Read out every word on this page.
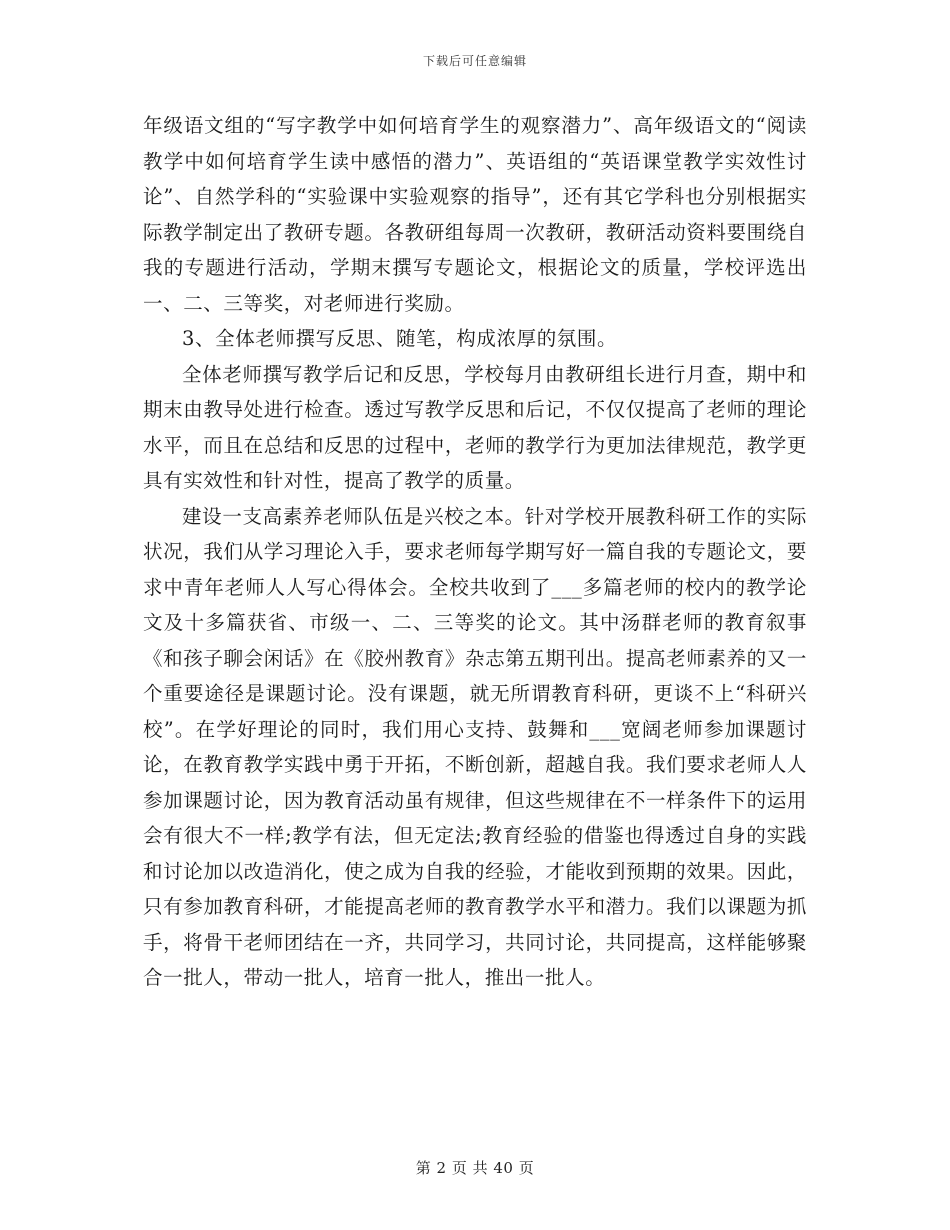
下载后可任意编辑

年级语文组的“写字教学中如何培育学生的观察潜力”、高年级语文的“阅读教学中如何培育学生读中感悟的潜力”、英语组的“英语课堂教学实效性讨论”、自然学科的“实验课中实验观察的指导”，还有其它学科也分别根据实际教学制定出了教研专题。各教研组每周一次教研，教研活动资料要围绕自我的专题进行活动，学期末撰写专题论文，根据论文的质量，学校评选出一、二、三等奖，对老师进行奖励。

3、全体老师撰写反思、随笔，构成浓厚的氛围。

全体老师撰写教学后记和反思，学校每月由教研组长进行月查，期中和期末由教导处进行检查。透过写教学反思和后记，不仅仅提高了老师的理论水平，而且在总结和反思的过程中，老师的教学行为更加法律规范，教学更具有实效性和针对性，提高了教学的质量。

建设一支高素养老师队伍是兴校之本。针对学校开展教科研工作的实际状况，我们从学习理论入手，要求老师每学期写好一篇自我的专题论文，要求中青年老师人人写心得体会。全校共收到了___多篇老师的校内的教学论文及十多篇获省、市级一、二、三等奖的论文。其中汤群老师的教育叙事《和孩子聊会闲话》在《胶州教育》杂志第五期刊出。提高老师素养的又一个重要途径是课题讨论。没有课题，就无所谓教育科研，更谈不上“科研兴校”。在学好理论的同时，我们用心支持、鼓舞和___宽阔老师参加课题讨论，在教育教学实践中勇于开拓，不断创新，超越自我。我们要求老师人人参加课题讨论，因为教育活动虽有规律，但这些规律在不一样条件下的运用会有很大不一样;教学有法，但无定法;教育经验的借鉴也得透过自身的实践和讨论加以改造消化，使之成为自我的经验，才能收到预期的效果。因此，只有参加教育科研，才能提高老师的教育教学水平和潜力。我们以课题为抓手，将骨干老师团结在一齐，共同学习，共同讨论，共同提高，这样能够聚合一批人，带动一批人，培育一批人，推出一批人。

第 2 页 共 40 页
